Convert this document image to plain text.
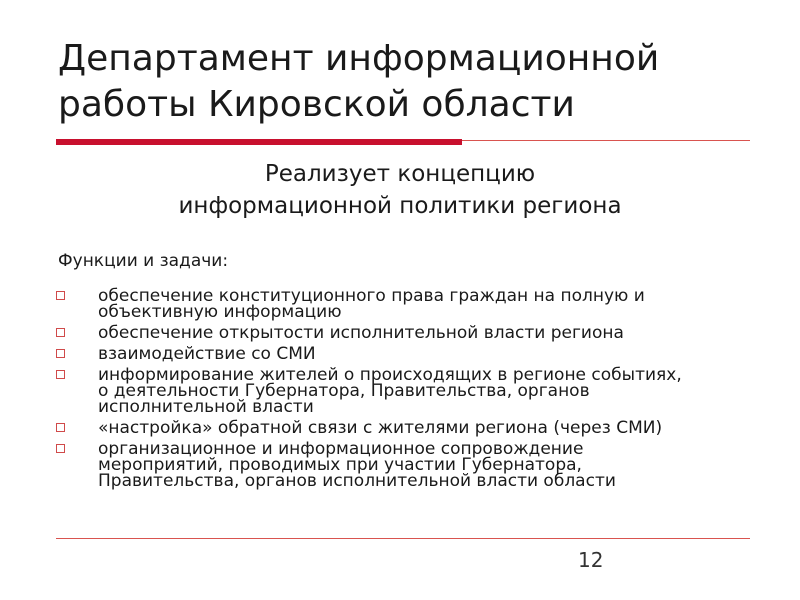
Департамент информационной
работы Кировской области
Реализует концепцию
информационной политики региона
Функции и задачи:
обеспечение конституционного права граждан на полную и
объективную информацию
обеспечение открытости исполнительной власти региона
взаимодействие со СМИ
информирование жителей о происходящих в регионе событиях,
о деятельности Губернатора, Правительства, органов
исполнительной власти
«настройка» обратной связи с жителями региона (через СМИ)
организационное и информационное сопровождение
мероприятий, проводимых при участии Губернатора,
Правительства, органов исполнительной власти области
12
